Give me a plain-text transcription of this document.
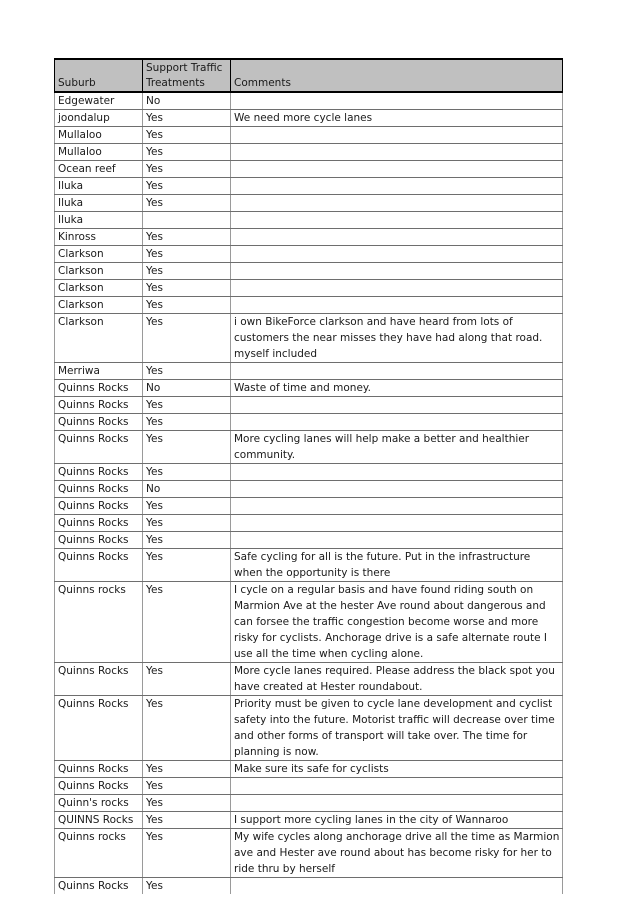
Suburb	Support Traffic Treatments	Comments
Edgewater	No	
joondalup	Yes	We need more cycle lanes
Mullaloo	Yes	
Mullaloo	Yes	
Ocean reef	Yes	
Iluka	Yes	
Iluka	Yes	
Iluka		
Kinross	Yes	
Clarkson	Yes	
Clarkson	Yes	
Clarkson	Yes	
Clarkson	Yes	
Clarkson	Yes	i own BikeForce clarkson and have heard from lots of customers the near misses they have had along that road. myself included
Merriwa	Yes	
Quinns Rocks	No	Waste of time and money.
Quinns Rocks	Yes	
Quinns Rocks	Yes	
Quinns Rocks	Yes	More cycling lanes will help make a better and healthier community.
Quinns Rocks	Yes	
Quinns Rocks	No	
Quinns Rocks	Yes	
Quinns Rocks	Yes	
Quinns Rocks	Yes	
Quinns Rocks	Yes	Safe cycling for all is the future. Put in the infrastructure when the opportunity is there
Quinns rocks	Yes	I cycle on a regular basis and have found riding south on Marmion Ave at the hester Ave round about dangerous and can forsee the traffic congestion become worse and more risky for cyclists. Anchorage drive is a safe alternate route I use all the time when cycling alone.
Quinns Rocks	Yes	More cycle lanes required. Please address the black spot you have created at Hester roundabout.
Quinns Rocks	Yes	Priority must be given to cycle lane development and cyclist safety into the future. Motorist traffic will decrease over time and other forms of transport will take over. The time for planning is now.
Quinns Rocks	Yes	Make sure its safe for cyclists
Quinns Rocks	Yes	
Quinn's rocks	Yes	
QUINNS Rocks	Yes	I support more cycling lanes in the city of Wannaroo
Quinns rocks	Yes	My wife cycles along anchorage drive all the time as Marmion ave and Hester ave round about has become risky for her to ride thru by herself
Quinns Rocks	Yes	
